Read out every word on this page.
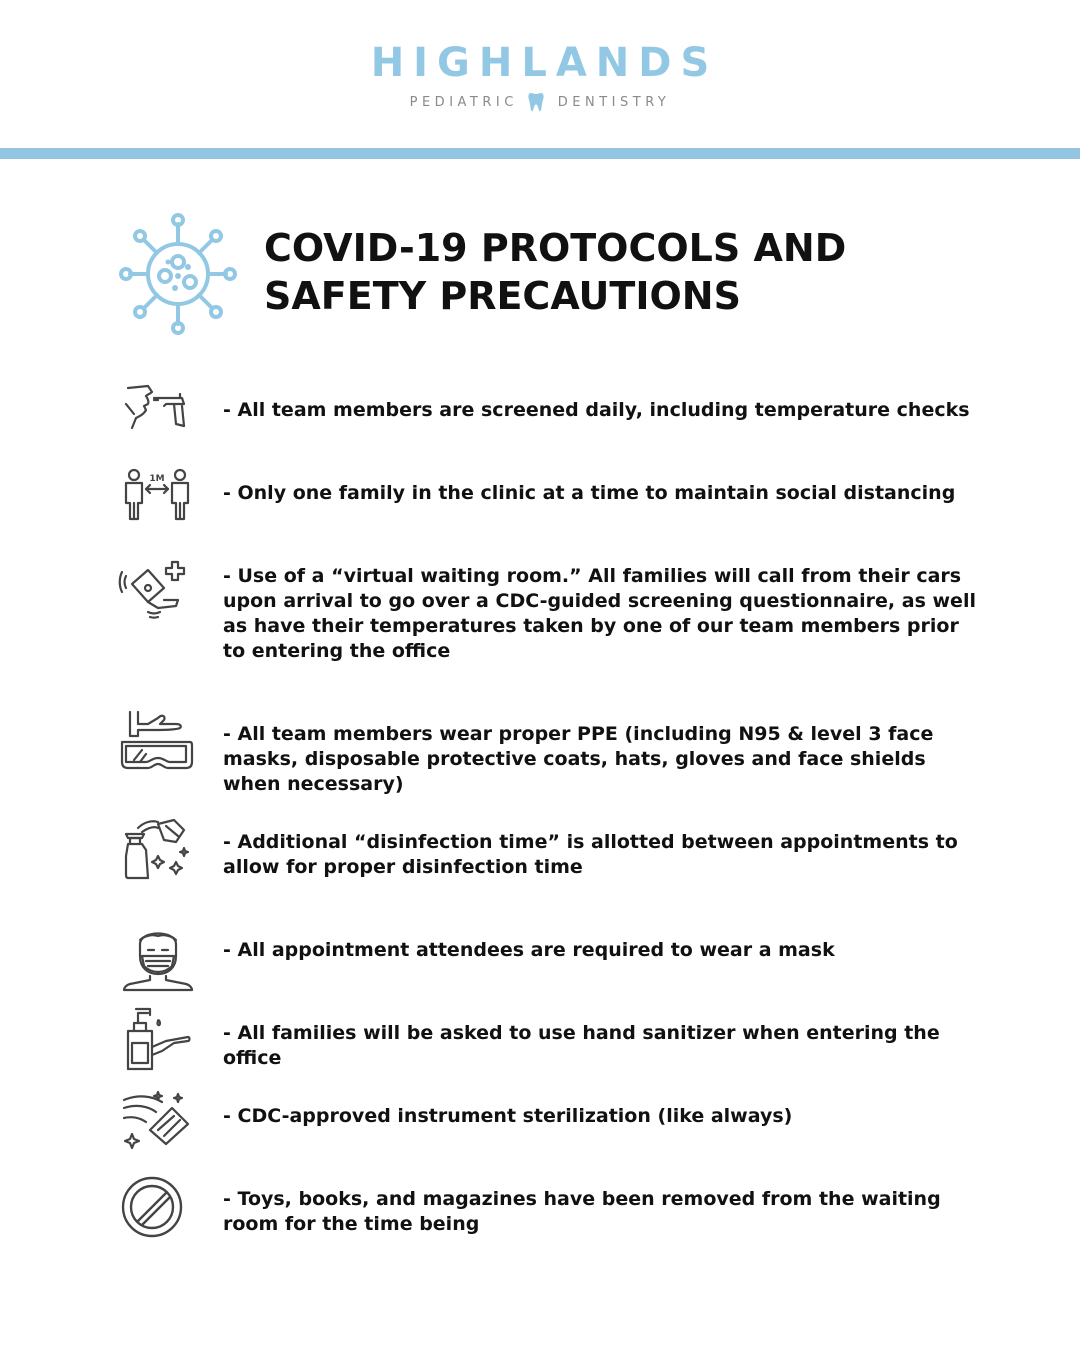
HIGHLANDS
PEDIATRIC	DENTISTRY
COVID-19 PROTOCOLS AND
SAFETY PRECAUTIONS

- All team members are screened daily, including temperature checks

1M

- Only one family in the clinic at a time to maintain social distancing

- Use of a “virtual waiting room.” All families will call from their cars upon arrival to go over a CDC-guided screening questionnaire, as well as have their temperatures taken by one of our team members prior to entering the office

- All team members wear proper PPE (including N95 & level 3 face masks, disposable protective coats, hats, gloves and face shields when necessary)

- Additional “disinfection time” is allotted between appointments to allow for proper disinfection time

- All appointment attendees are required to wear a mask

- All families will be asked to use hand sanitizer when entering the office

- CDC-approved instrument sterilization (like always)

- Toys, books, and magazines have been removed from the waiting room for the time being
